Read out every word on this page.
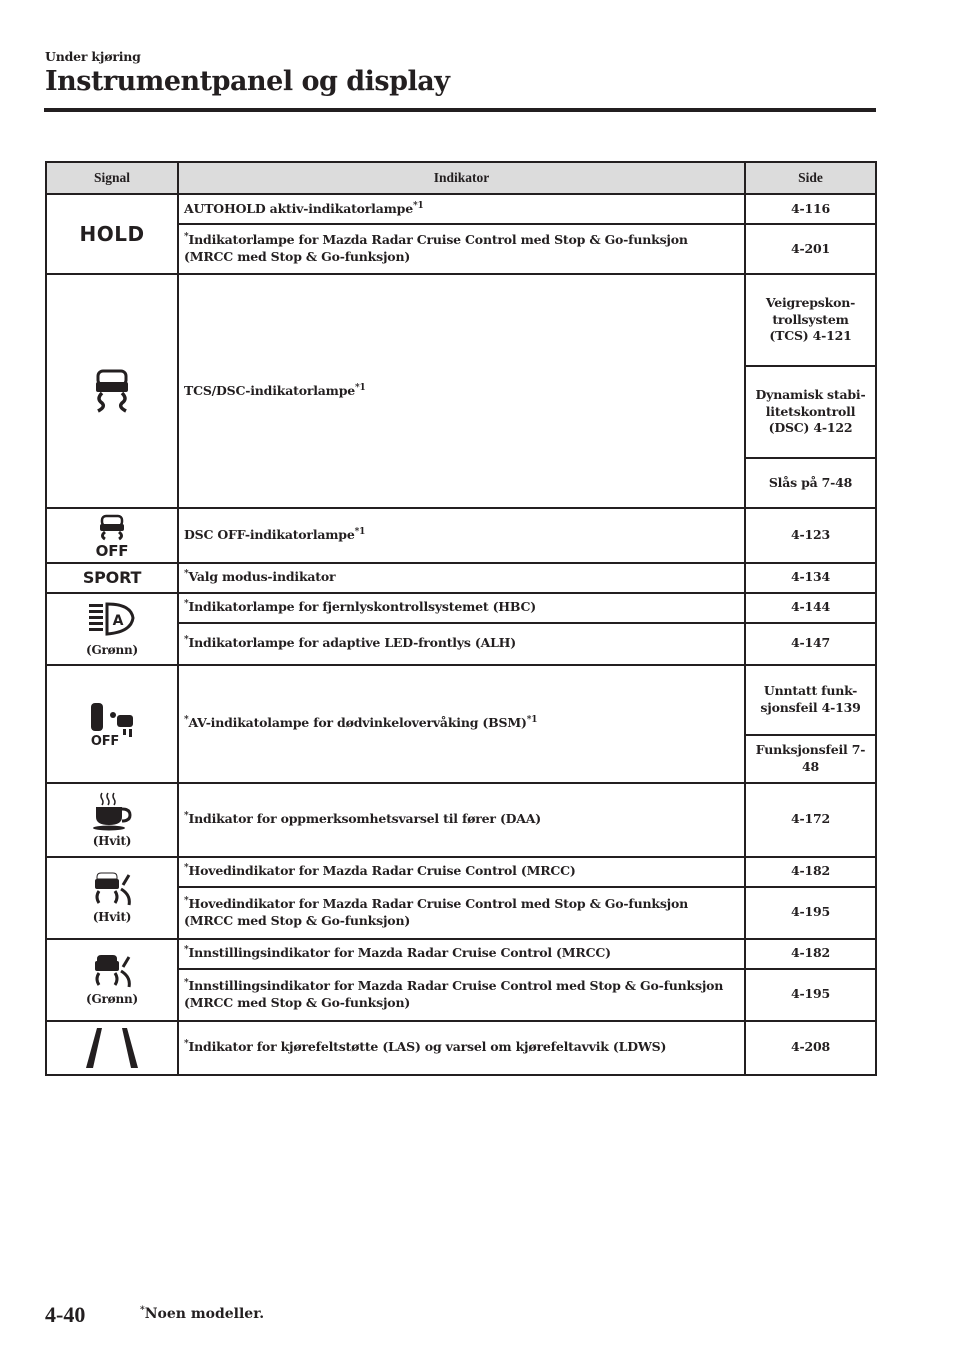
Under kjøring
Instrumentpanel og display
Signal	Indikator	Side
HOLD	AUTOHOLD aktiv-indikatorlampe$^{*1}$	4-116
	*Indikatorlampe for Mazda Radar Cruise Control med Stop & Go-funksjon (MRCC med Stop & Go-funksjon)	4-201
	TCS/DSC-indikatorlampe$^{*1}$	Veigrepskon-trollsystem (TCS) 4-121
		Dynamisk stabi-litetskontroll (DSC) 4-122
		Slås på 7-48

OFF	DSC OFF-indikatorlampe$^{*1}$	4-123
SPORT	*Valg modus-indikator	4-134

A
(Grønn)	*Indikatorlampe for fjernlyskontrollsystemet (HBC)	4-144
	*Indikatorlampe for adaptive LED-frontlys (ALH)	4-147

OFF	*AV-indikatolampe for dødvinkelovervåking (BSM)$^{*1}$	Unntatt funk-sjonsfeil 4-139
		Funksjonsfeil 7-48

(Hvit)	*Indikator for oppmerksomhetsvarsel til fører (DAA)	4-172

(Hvit)	*Hovedindikator for Mazda Radar Cruise Control (MRCC)	4-182
	*Hovedindikator for Mazda Radar Cruise Control med Stop & Go-funksjon (MRCC med Stop & Go-funksjon)	4-195

(Grønn)	*Innstillingsindikator for Mazda Radar Cruise Control (MRCC)	4-182
	*Innstillingsindikator for Mazda Radar Cruise Control med Stop & Go-funksjon (MRCC med Stop & Go-funksjon)	4-195
	*Indikator for kjørefeltstøtte (LAS) og varsel om kjørefeltavvik (LDWS)	4-208
4-40	*Noen modeller.
